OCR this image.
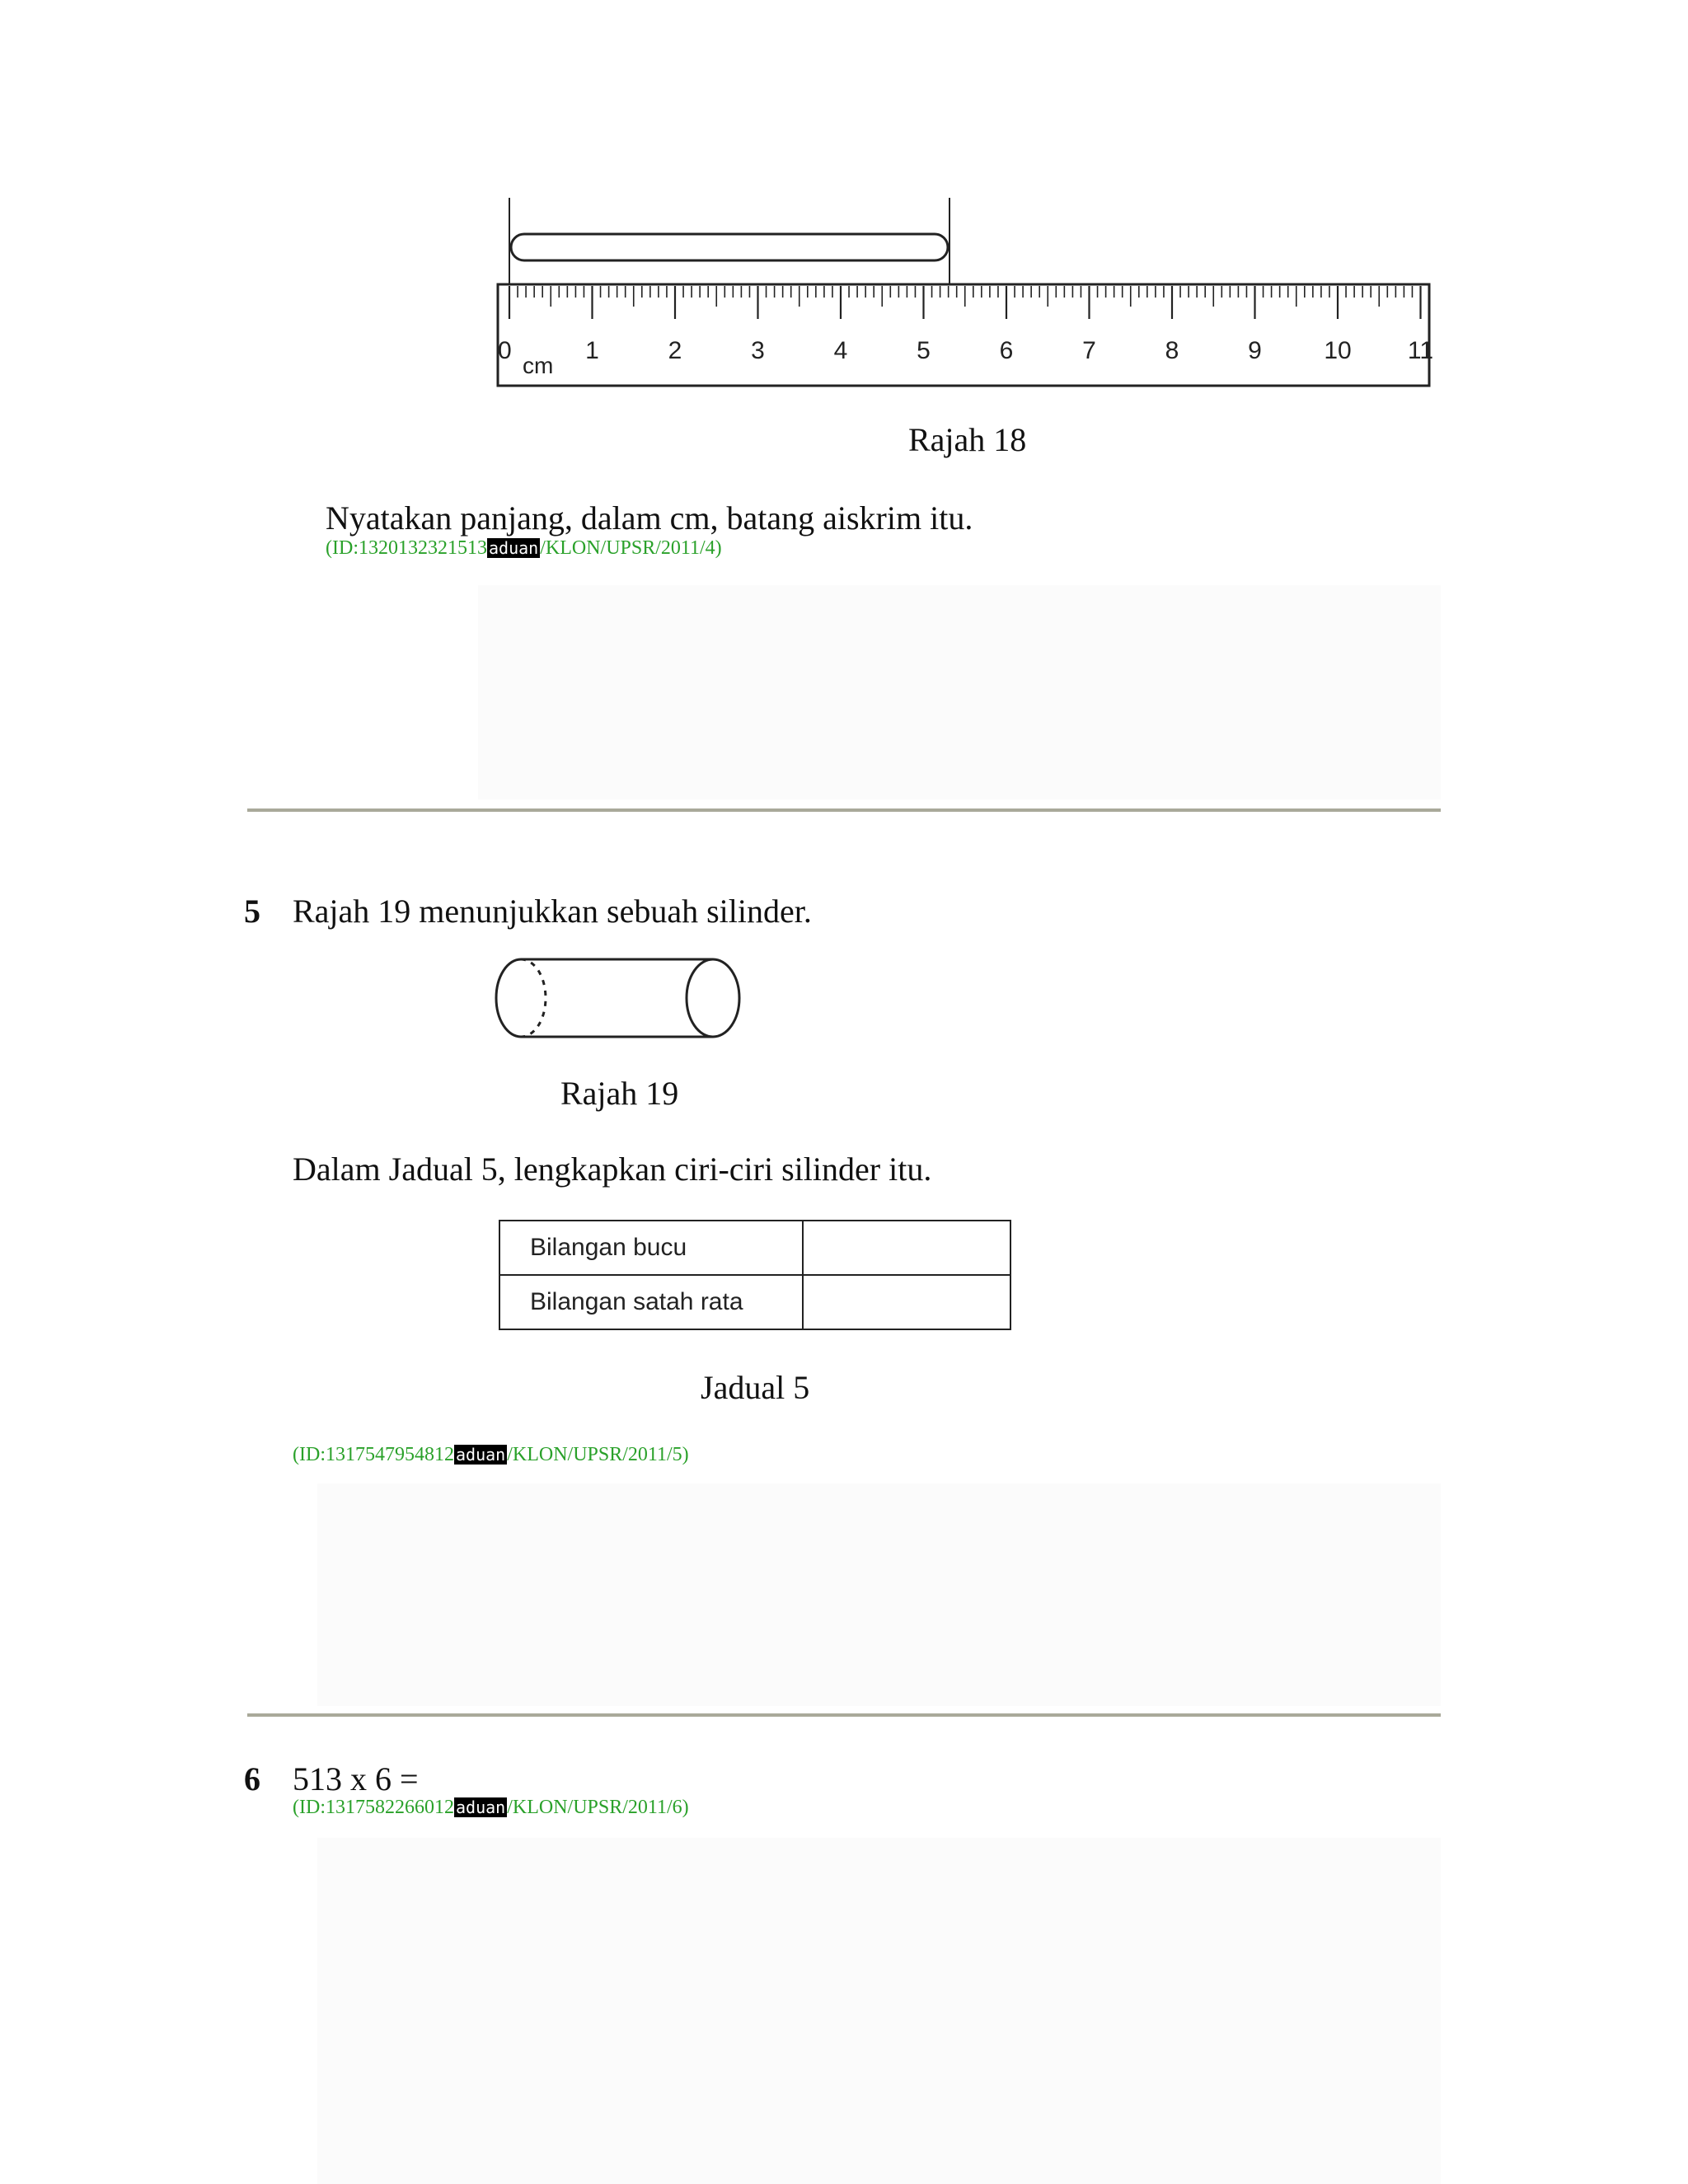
0	1	2	3	4	5	6	7	8	9	10 11
cm
Rajah 18
Nyatakan panjang, dalam cm, batang aiskrim itu.
(ID:1320132321513 aduan/KLON/UPSR/2011/4)
5 Rajah 19 menunjukkan sebuah silinder.
Rajah 19
Dalam Jadual 5, lengkapkan ciri-ciri silinder itu.
Bilangan bucu	
Bilangan satah rata	
Jadual 5
(ID:1317547954812 aduan/KLON/UPSR/2011/5)
6 513 x 6 =
(ID:1317582266012 aduan/KLON/UPSR/2011/6)
